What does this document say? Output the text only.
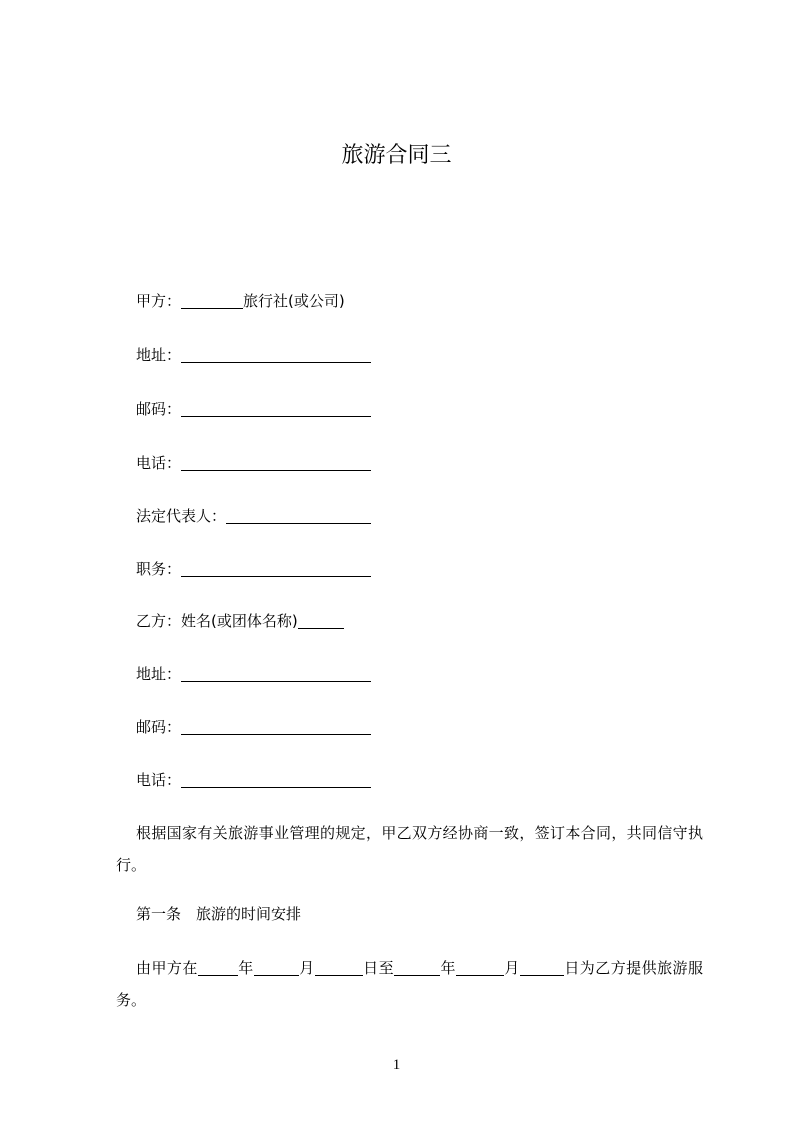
旅游合同三
甲方：	旅行社(或公司)
地址：
邮码：
电话：
法定代表人：
职务：
乙方：姓名(或团体名称)
地址：
邮码：
电话：

根据国家有关旅游事业管理的规定，甲乙双方经协商一致，签订本合同，共同信守执行。

第一条　旅游的时间安排

由甲方在	年	月	日至	年	月	日为乙方提供旅游服务。

1
